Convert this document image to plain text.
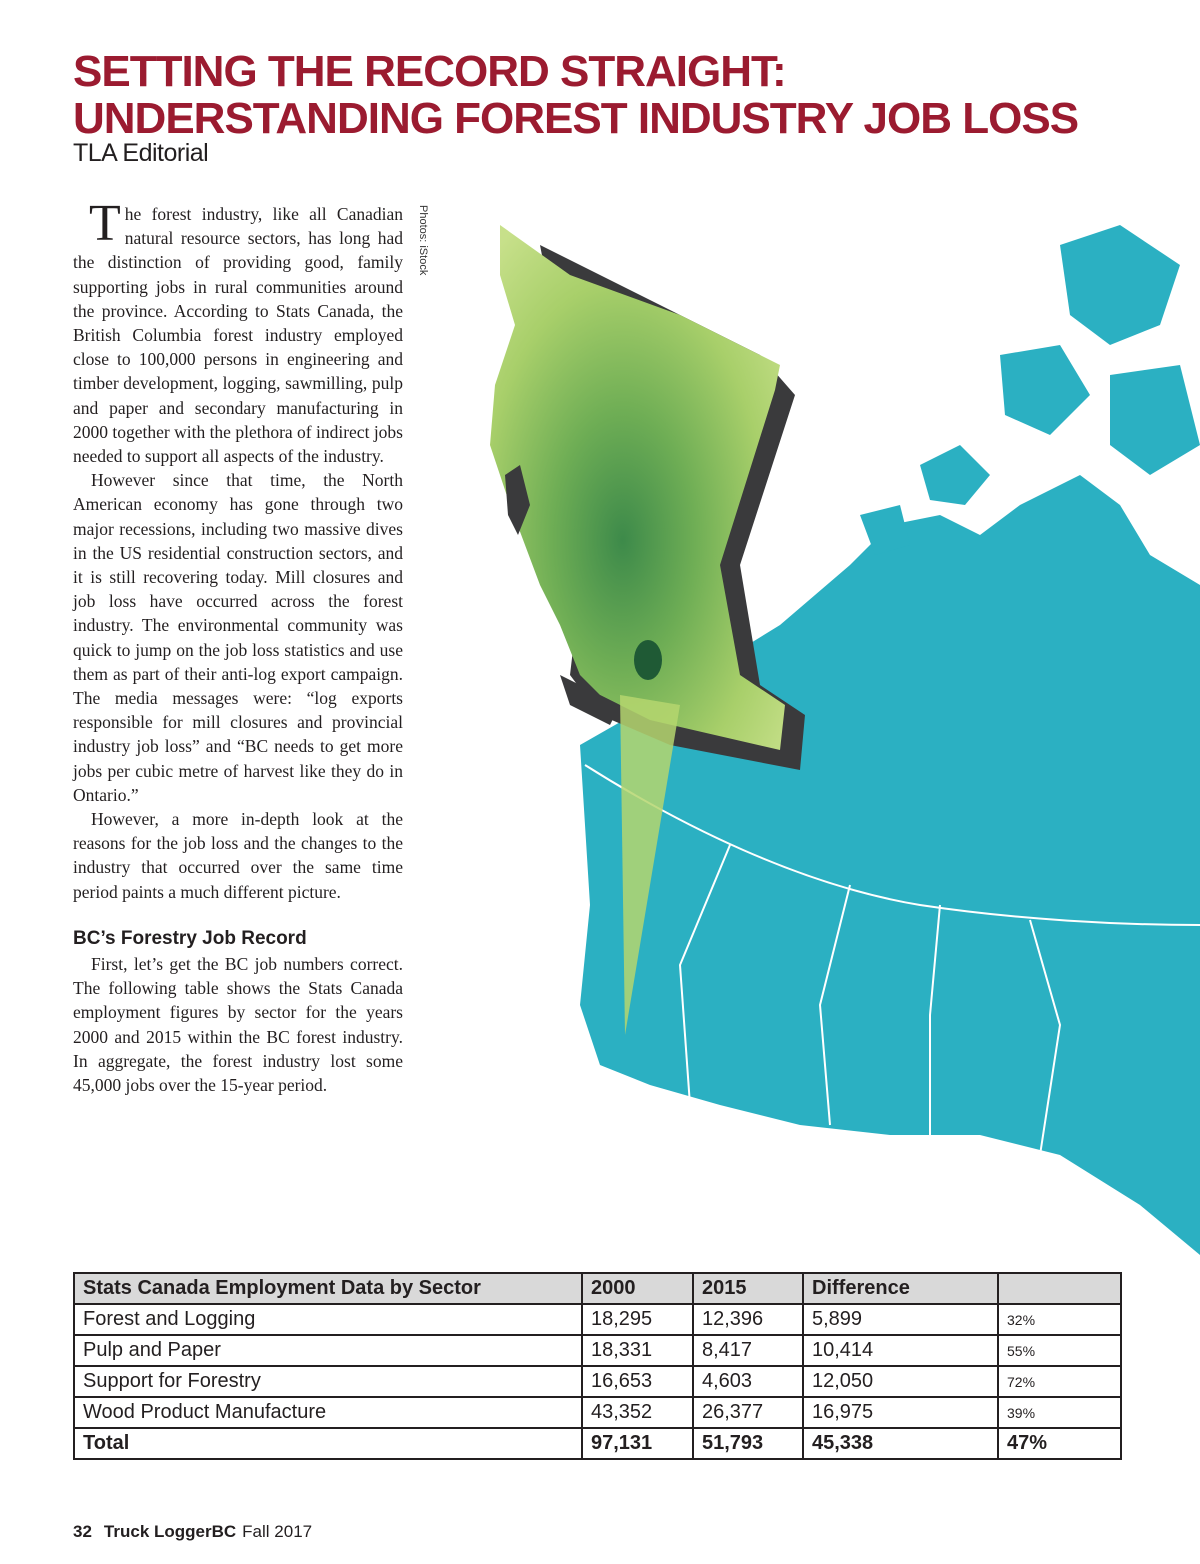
SETTING THE RECORD STRAIGHT:
UNDERSTANDING FOREST INDUSTRY JOB LOSS
TLA Editorial
Photos: iStock

The forest industry, like all Canadian natural resource sectors, has long had the distinction of providing good, family supporting jobs in rural communities around the province. According to Stats Canada, the British Columbia forest industry employed close to 100,000 persons in engineering and timber development, logging, sawmilling, pulp and paper and secondary manufacturing in 2000 together with the plethora of indirect jobs needed to support all aspects of the industry.

However since that time, the North American economy has gone through two major recessions, including two massive dives in the US residential construction sectors, and it is still recovering today. Mill closures and job loss have occurred across the forest industry. The environmental community was quick to jump on the job loss statistics and use them as part of their anti-log export campaign. The media messages were: “log exports responsible for mill closures and provincial industry job loss” and “BC needs to get more jobs per cubic metre of harvest like they do in Ontario.”

However, a more in-depth look at the reasons for the job loss and the changes to the industry that occurred over the same time period paints a much different picture.

BC’s Forestry Job Record

First, let’s get the BC job numbers correct. The following table shows the Stats Canada employment figures by sector for the years 2000 and 2015 within the BC forest industry. In aggregate, the forest industry lost some 45,000 jobs over the 15-year period.

Stats Canada Employment Data by Sector	2000	2015	Difference	
Forest and Logging	18,295	12,396	5,899	32%
Pulp and Paper	18,331	8,417	10,414	55%
Support for Forestry	16,653	4,603	12,050	72%
Wood Product Manufacture	43,352	26,377	16,975	39%
Total	97,131	51,793	45,338	47%
32 Truck LoggerBC Fall 2017
